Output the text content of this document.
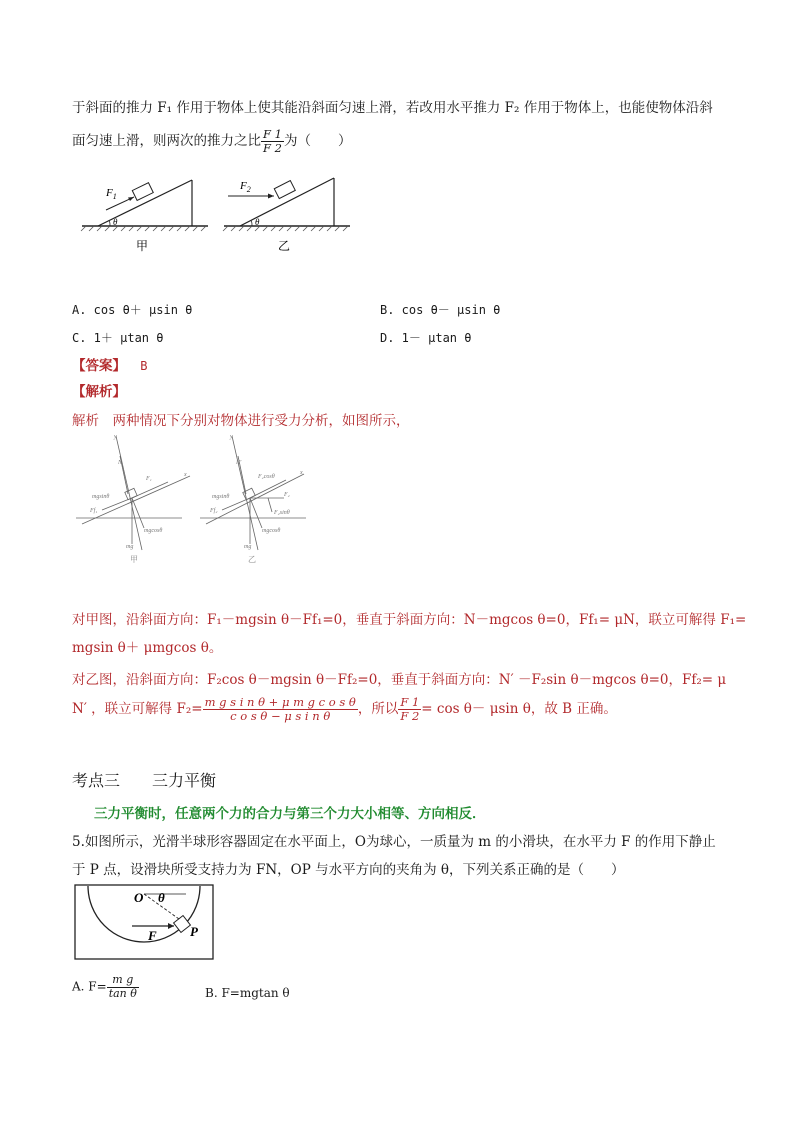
于斜面的推力 F₁ 作用于物体上使其能沿斜面匀速上滑，若改用水平推力 F₂ 作用于物体上，也能使物体沿斜
面匀速上滑，则两次的推力之比 $\frac{F 1}{F 2}$ 为（　　）
$F_1$
θ
甲
$F_2$
θ
乙
A. cos θ＋ μsin θ	B. cos θ－ μsin θ
C. 1＋ μtan θ	D. 1－ μtan θ
【答案】 B
【解析】
解析　两种情况下分别对物体进行受力分析，如图所示，
y
x
N
F₁
mgsinθ
Ff₁
mgcosθ
mg
y
x
N′
F₂cosθ
F₂
mgsinθ
Ff₂	F₂sinθ
mgcosθ
mg
甲	乙
对甲图，沿斜面方向：F₁－mgsin θ－Ff₁=0，垂直于斜面方向：N－mgcos θ=0，Ff₁= μN，联立可解得 F₁=
mgsin θ＋ μmgcos θ。
对乙图，沿斜面方向：F₂cos θ－mgsin θ－Ff₂=0，垂直于斜面方向：N′ －F₂sin θ－mgcos θ=0，Ff₂= μ
N′ ，联立可解得 $F_2= \frac{\text{m g s i n θ + μ m g c o s θ}}{\text{c o s θ − μ s i n θ}}$ ，所以 $\frac{F 1}{F 2} = \cos \theta- \mu\sin$ θ，故 B 正确。
考点三　　三力平衡
三力平衡时，任意两个力的合力与第三个力大小相等、方向相反．
5.如图所示，光滑半球形容器固定在水平面上，O为球心，一质量为 m 的小滑块，在水平力 F 的作用下静止
于 P 点，设滑块所受支持力为 FN，OP 与水平方向的夹角为 θ，下列关系正确的是（　　）
O θ
F	P
A. $F= \frac{\text{m g}}{\text{tan θ}}$	B. F=mgtan θ
